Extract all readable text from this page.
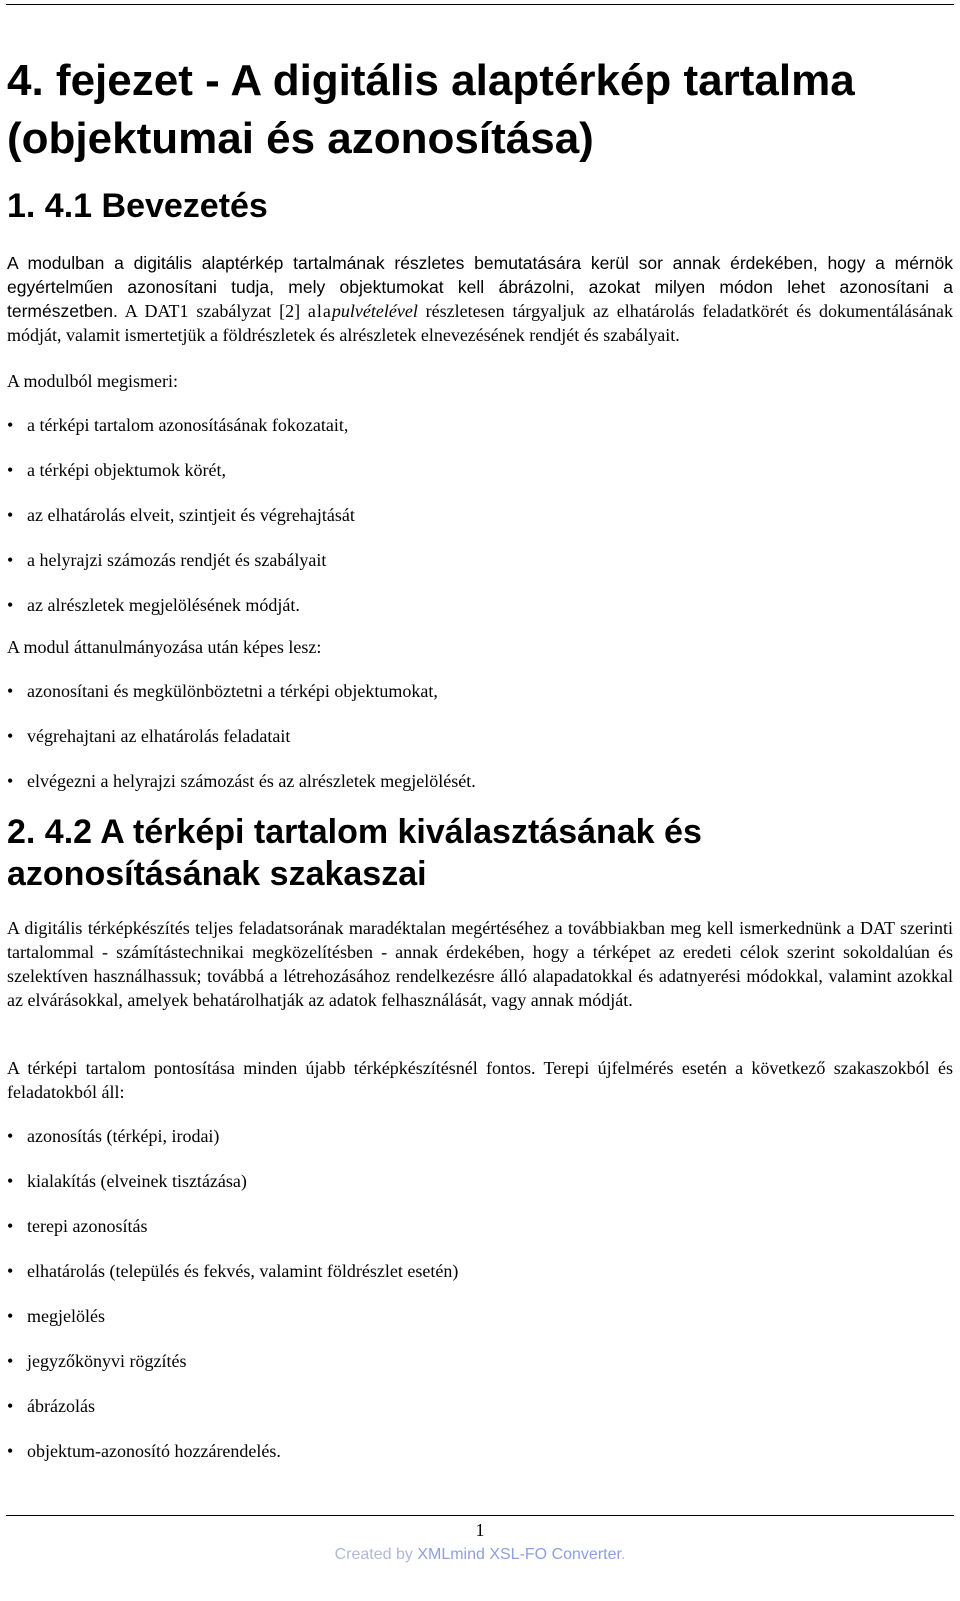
4. fejezet - A digitális alaptérkép tartalma (objektumai és azonosítása)
1. 4.1 Bevezetés

A modulban a digitális alaptérkép tartalmának részletes bemutatására kerül sor annak érdekében, hogy a mérnök egyértelműen azonosítani tudja, mely objektumokat kell ábrázolni, azokat milyen módon lehet azonosítani a természetben. A DAT1 szabályzat [2] alapulvételével részletesen tárgyaljuk az elhatárolás feladatkörét és dokumentálásának módját, valamit ismertetjük a földrészletek és alrészletek elnevezésének rendjét és szabályait.

A modulból megismeri:

• a térképi tartalom azonosításának fokozatait,
• a térképi objektumok körét,
• az elhatárolás elveit, szintjeit és végrehajtását
• a helyrajzi számozás rendjét és szabályait
• az alrészletek megjelölésének módját.

A modul áttanulmányozása után képes lesz:

• azonosítani és megkülönböztetni a térképi objektumokat,
• végrehajtani az elhatárolás feladatait
• elvégezni a helyrajzi számozást és az alrészletek megjelölését.
2. 4.2 A térképi tartalom kiválasztásának és azonosításának szakaszai

A digitális térképkészítés teljes feladatsorának maradéktalan megértéséhez a továbbiakban meg kell ismerkednünk a DAT szerinti tartalommal - számítástechnikai megközelítésben - annak érdekében, hogy a térképet az eredeti célok szerint sokoldalúan és szelektíven használhassuk; továbbá a létrehozásához rendelkezésre álló alapadatokkal és adatnyerési módokkal, valamint azokkal az elvárásokkal, amelyek behatárolhatják az adatok felhasználását, vagy annak módját.

A térképi tartalom pontosítása minden újabb térképkészítésnél fontos. Terepi újfelmérés esetén a következő szakaszokból és feladatokból áll:

• azonosítás (térképi, irodai)
• kialakítás (elveinek tisztázása)
• terepi azonosítás
• elhatárolás (település és fekvés, valamint földrészlet esetén)
• megjelölés
• jegyzőkönyvi rögzítés
• ábrázolás
• objektum-azonosító hozzárendelés.
1
Created by XMLmind XSL-FO Converter.
